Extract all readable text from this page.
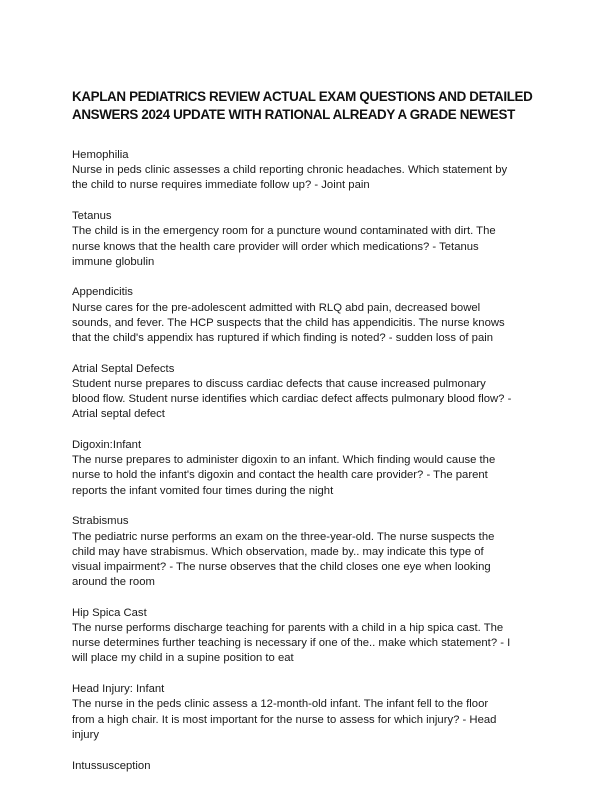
KAPLAN PEDIATRICS REVIEW ACTUAL EXAM QUESTIONS AND DETAILED
ANSWERS 2024 UPDATE WITH RATIONAL ALREADY A GRADE NEWEST

Hemophilia

Nurse in peds clinic assesses a child reporting chronic headaches. Which statement by
the child to nurse requires immediate follow up? - Joint pain

Tetanus

The child is in the emergency room for a puncture wound contaminated with dirt. The
nurse knows that the health care provider will order which medications? - Tetanus
immune globulin

Appendicitis

Nurse cares for the pre-adolescent admitted with RLQ abd pain, decreased bowel
sounds, and fever. The HCP suspects that the child has appendicitis. The nurse knows
that the child's appendix has ruptured if which finding is noted? - sudden loss of pain

Atrial Septal Defects

Student nurse prepares to discuss cardiac defects that cause increased pulmonary
blood flow. Student nurse identifies which cardiac defect affects pulmonary blood flow? -
Atrial septal defect

Digoxin:Infant

The nurse prepares to administer digoxin to an infant. Which finding would cause the
nurse to hold the infant's digoxin and contact the health care provider? - The parent
reports the infant vomited four times during the night

Strabismus

The pediatric nurse performs an exam on the three-year-old. The nurse suspects the
child may have strabismus. Which observation, made by.. may indicate this type of
visual impairment? - The nurse observes that the child closes one eye when looking
around the room

Hip Spica Cast

The nurse performs discharge teaching for parents with a child in a hip spica cast. The
nurse determines further teaching is necessary if one of the.. make which statement? - I
will place my child in a supine position to eat

Head Injury: Infant

The nurse in the peds clinic assess a 12-month-old infant. The infant fell to the floor
from a high chair. It is most important for the nurse to assess for which injury? - Head
injury

Intussusception
